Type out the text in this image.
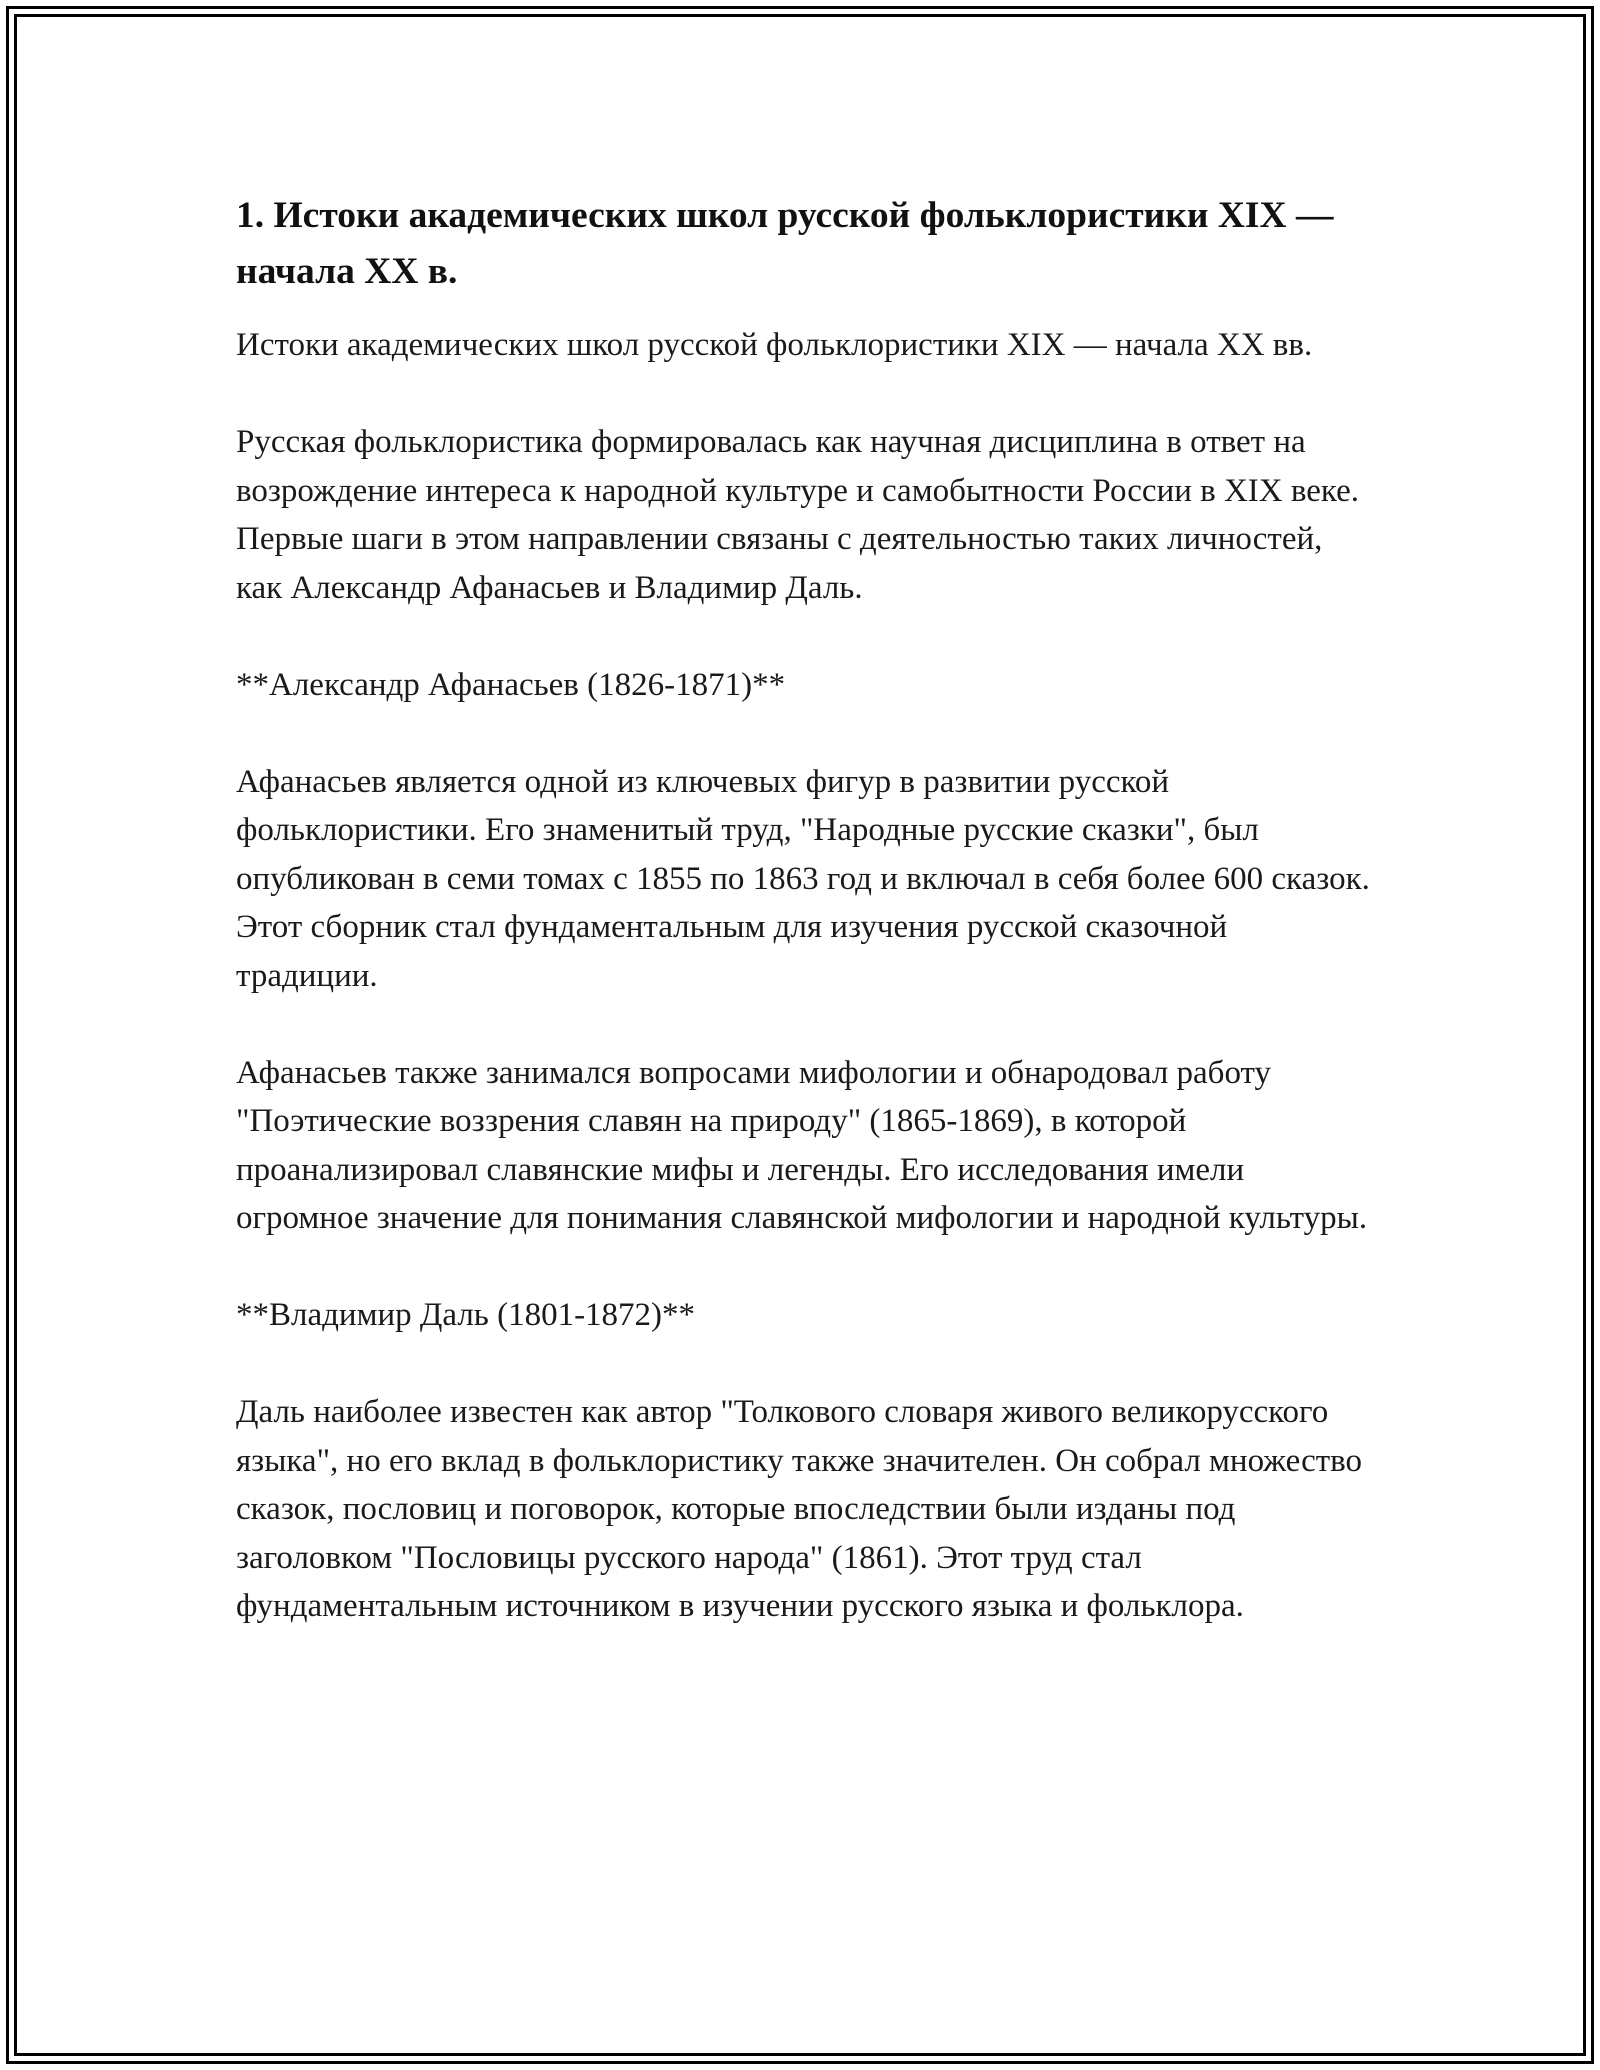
1. Истоки академических школ русской фольклористики XIX — начала XX в.

Истоки академических школ русской фольклористики XIX — начала XX вв.

Русская фольклористика формировалась как научная дисциплина в ответ на возрождение интереса к народной культуре и самобытности России в XIX веке. Первые шаги в этом направлении связаны с деятельностью таких личностей, как Александр Афанасьев и Владимир Даль.

**Александр Афанасьев (1826-1871)**

Афанасьев является одной из ключевых фигур в развитии русской фольклористики. Его знаменитый труд, "Народные русские сказки", был опубликован в семи томах с 1855 по 1863 год и включал в себя более 600 сказок. Этот сборник стал фундаментальным для изучения русской сказочной традиции.

Афанасьев также занимался вопросами мифологии и обнародовал работу "Поэтические воззрения славян на природу" (1865-1869), в которой проанализировал славянские мифы и легенды. Его исследования имели огромное значение для понимания славянской мифологии и народной культуры.

**Владимир Даль (1801-1872)**

Даль наиболее известен как автор "Толкового словаря живого великорусского языка", но его вклад в фольклористику также значителен. Он собрал множество сказок, пословиц и поговорок, которые впоследствии были изданы под заголовком "Пословицы русского народа" (1861). Этот труд стал фундаментальным источником в изучении русского языка и фольклора.
